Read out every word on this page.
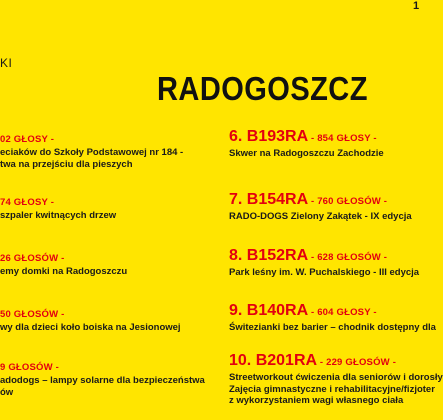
KI
1
RADOGOSZCZ
02 GŁOSY -
eciaków do Szkoły Podstawowej nr 184 -
twa na przejściu dla pieszych
74 GŁOSY -
szpaler kwitnących drzew
26 GŁOSÓW -
emy domki na Radogoszczu
50 GŁOSÓW -
wy dla dzieci koło boiska na Jesionowej
9 GŁOSÓW -
adodogs – lampy solarne dla bezpieczeństwa
ów
6. B193RA - 854 GŁOSY -
Skwer na Radogoszczu Zachodzie
7. B154RA - 760 GŁOSÓW -
RADO-DOGS Zielony Zakątek - IX edycja
8. B152RA - 628 GŁOSÓW -
Park leśny im. W. Puchalskiego - III edycja
9. B140RA - 604 GŁOSY -
Świtezianki bez barier – chodnik dostępny dla
10. B201RA - 229 GŁOSÓW -
Streetworkout ćwiczenia dla seniorów i dorosły
Zajęcia gimnastyczne i rehabilitacyjne/fizjoter
z wykorzystaniem wagi własnego ciała
